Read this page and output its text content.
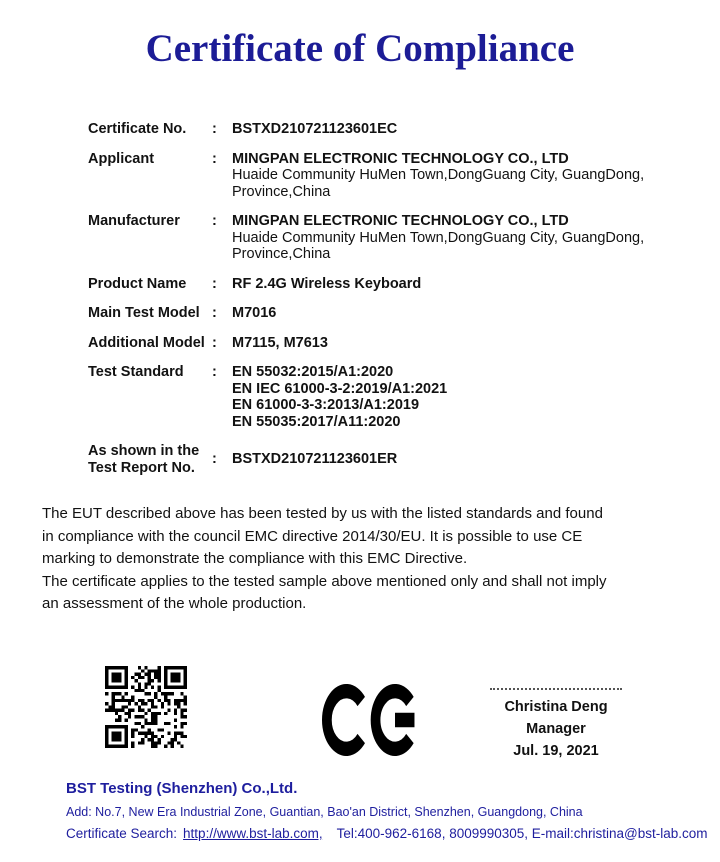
Certificate of Compliance
Certificate No.	:	BSTXD210721123601EC
Applicant	:	MINGPAN ELECTRONIC TECHNOLOGY CO., LTD
Huaide Community HuMen Town,DongGuang City, GuangDong,
Province,China
Manufacturer	:	MINGPAN ELECTRONIC TECHNOLOGY CO., LTD
Huaide Community HuMen Town,DongGuang City, GuangDong,
Province,China
Product Name	:	RF 2.4G Wireless Keyboard
Main Test Model :	M7016
Additional Model :	M7115, M7613
Test Standard	:	EN 55032:2015/A1:2020
EN IEC 61000-3-2:2019/A1:2021
EN 61000-3-3:2013/A1:2019
EN 55035:2017/A11:2020
As shown in the
Test Report No.
:	BSTXD210721123601ER
The EUT described above has been tested by us with the listed standards and found
in compliance with the council EMC directive 2014/30/EU. It is possible to use CE
marking to demonstrate the compliance with this EMC Directive.
The certificate applies to the tested sample above mentioned only and shall not imply
an assessment of the whole production.
Christina Deng
Manager
Jul. 19, 2021
BST Testing (Shenzhen) Co.,Ltd.
Add: No.7, New Era Industrial Zone, Guantian, Bao'an District, Shenzhen, Guangdong, China
Certificate Search: http://www.bst-lab.com, Tel:400-962-6168, 8009990305, E-mail:christina@bst-lab.com
